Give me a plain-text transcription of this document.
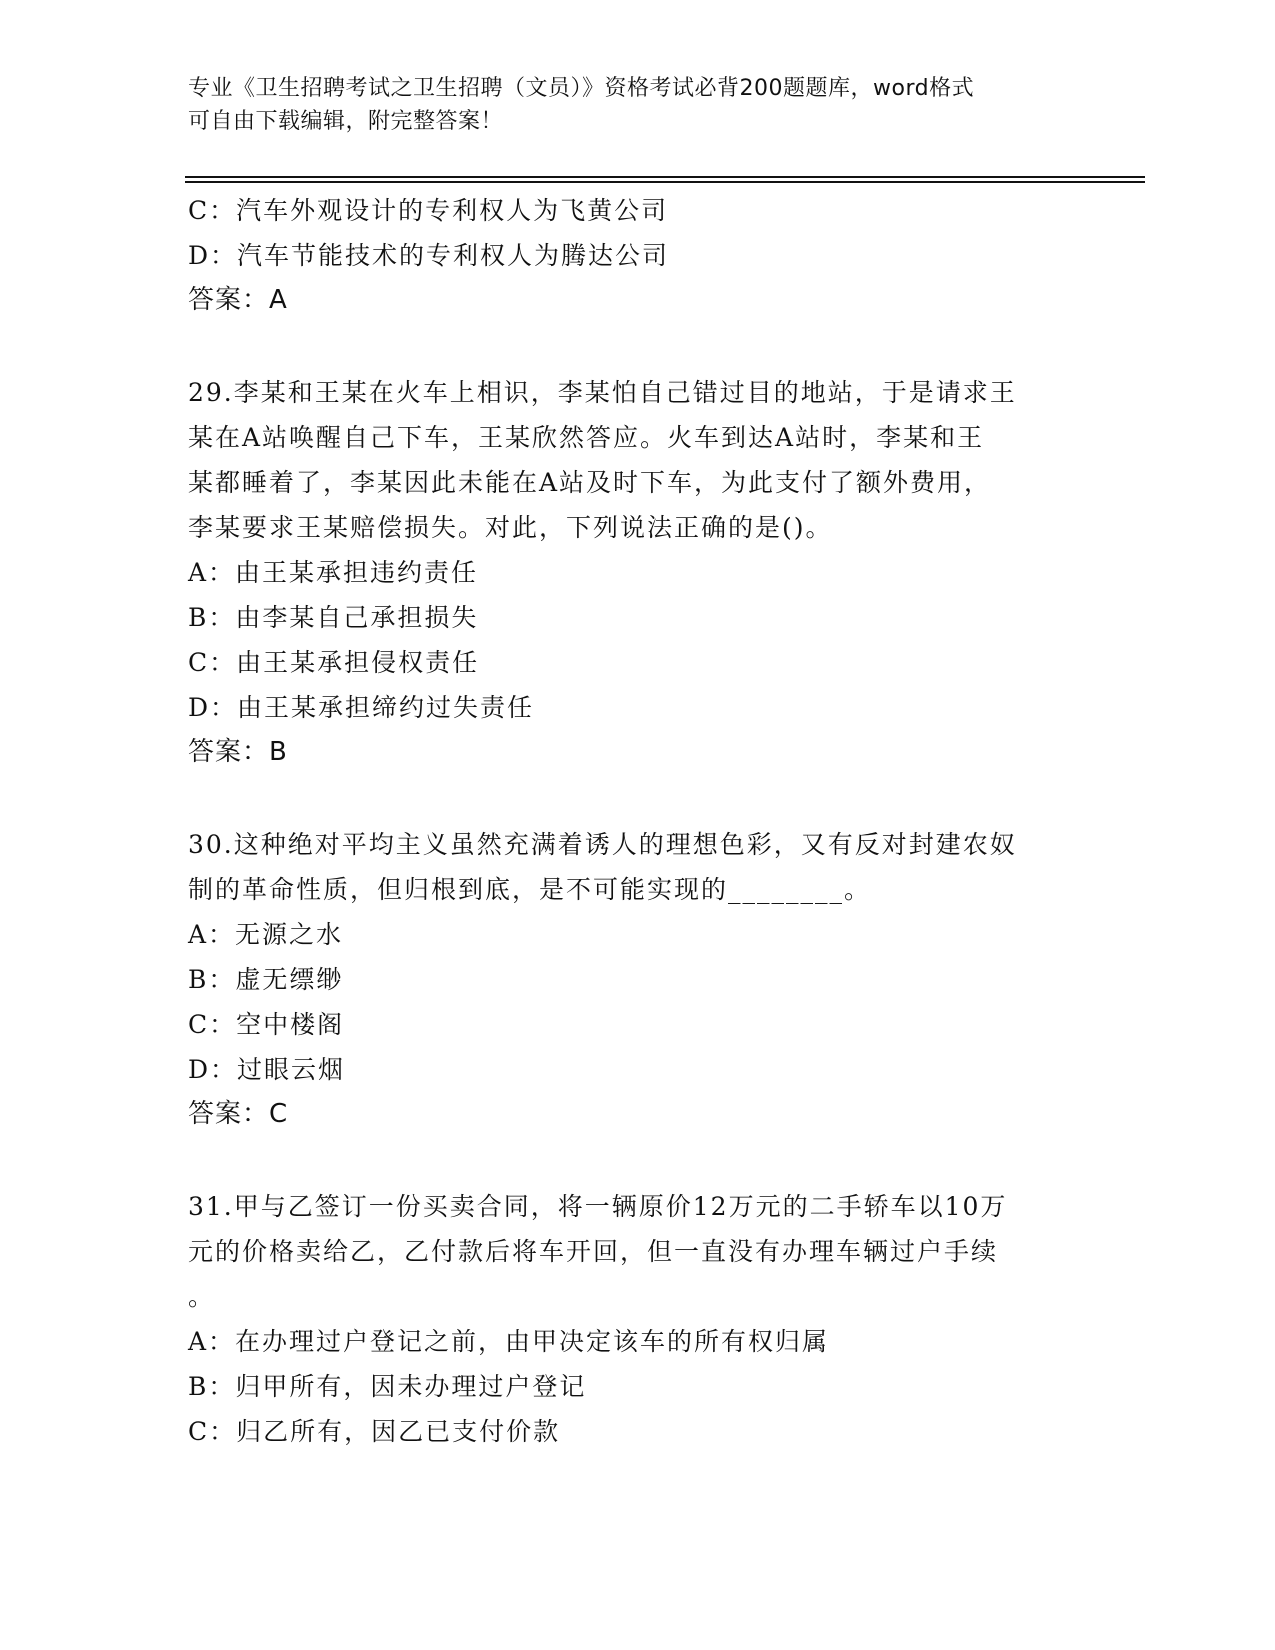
专业《卫生招聘考试之卫生招聘（文员）》资格考试必背200题题库，word格式
可自由下载编辑，附完整答案！
C：汽车外观设计的专利权人为飞黄公司
D：汽车节能技术的专利权人为腾达公司
答案：A
29.李某和王某在火车上相识，李某怕自己错过目的地站，于是请求王
某在A站唤醒自己下车，王某欣然答应。火车到达A站时，李某和王
某都睡着了，李某因此未能在A站及时下车，为此支付了额外费用，
李某要求王某赔偿损失。对此，下列说法正确的是()。
A：由王某承担违约责任
B：由李某自己承担损失
C：由王某承担侵权责任
D：由王某承担缔约过失责任
答案：B
30.这种绝对平均主义虽然充满着诱人的理想色彩，又有反对封建农奴
制的革命性质，但归根到底，是不可能实现的________。
A：无源之水
B：虚无缥缈
C：空中楼阁
D：过眼云烟
答案：C
31.甲与乙签订一份买卖合同，将一辆原价12万元的二手轿车以10万
元的价格卖给乙，乙付款后将车开回，但一直没有办理车辆过户手续
。
A：在办理过户登记之前，由甲决定该车的所有权归属
B：归甲所有，因未办理过户登记
C：归乙所有，因乙已支付价款
